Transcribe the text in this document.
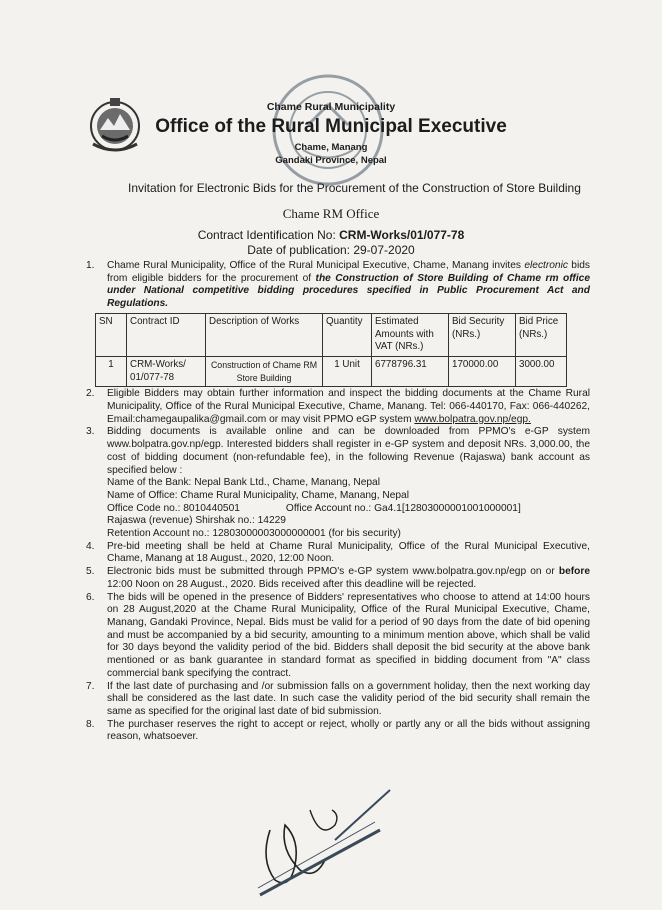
Chame Rural Municipality
Office of the Rural Municipal Executive
Chame, Manang
Gandaki Province, Nepal
Invitation for Electronic Bids for the Procurement of the Construction of Store Building
Chame RM Office
Contract Identification No: CRM-Works/01/077-78
Date of publication: 29-07-2020
1. Chame Rural Municipality, Office of the Rural Municipal Executive, Chame, Manang invites electronic bids from eligible bidders for the procurement of the Construction of Store Building of Chame rm office under National competitive bidding procedures specified in Public Procurement Act and Regulations.
SN	Contract ID	Description of Works	Quantity	Estimated Amounts with VAT (NRs.)	Bid Security (NRs.)	Bid Price (NRs.)
1	CRM-Works/ 01/077-78	Construction of Chame RM Store Building	1 Unit	6778796.31	170000.00	3000.00
2. Eligible Bidders may obtain further information and inspect the bidding documents at the Chame Rural Municipality, Office of the Rural Municipal Executive, Chame, Manang. Tel: 066-440170, Fax: 066-440262, Email:chamegaupalika@gmail.com or may visit PPMO eGP system www.bolpatra.gov.np/egp.
3. Bidding documents is available online and can be downloaded from PPMO's e-GP system www.bolpatra.gov.np/egp. Interested bidders shall register in e-GP system and deposit NRs. 3,000.00, the cost of bidding document (non-refundable fee), in the following Revenue (Rajaswa) bank account as specified below :
Name of the Bank: Nepal Bank Ltd., Chame, Manang, Nepal
Name of Office: Chame Rural Municipality, Chame, Manang, Nepal
Office Code no.: 8010440501	Office Account no.: Ga4.1[12803000001001000001]
Rajaswa (revenue) Shirshak no.: 14229
Retention Account no.: 12803000003000000001 (for bis security)
4. Pre-bid meeting shall be held at Chame Rural Municipality, Office of the Rural Municipal Executive, Chame, Manang at 18 August., 2020, 12:00 Noon.
5. Electronic bids must be submitted through PPMO's e-GP system www.bolpatra.gov.np/egp on or before 12:00 Noon on 28 August., 2020. Bids received after this deadline will be rejected.
6. The bids will be opened in the presence of Bidders' representatives who choose to attend at 14:00 hours on 28 August,2020 at the Chame Rural Municipality, Office of the Rural Municipal Executive, Chame, Manang, Gandaki Province, Nepal. Bids must be valid for a period of 90 days from the date of bid opening and must be accompanied by a bid security, amounting to a minimum mention above, which shall be valid for 30 days beyond the validity period of the bid. Bidders shall deposit the bid security at the above bank mentioned or as bank guarantee in standard format as specified in bidding document from "A" class commercial bank specifying the contract.
7. If the last date of purchasing and /or submission falls on a government holiday, then the next working day shall be considered as the last date. In such case the validity period of the bid security shall remain the same as specified for the original last date of bid submission.
8. The purchaser reserves the right to accept or reject, wholly or partly any or all the bids without assigning reason, whatsoever.
